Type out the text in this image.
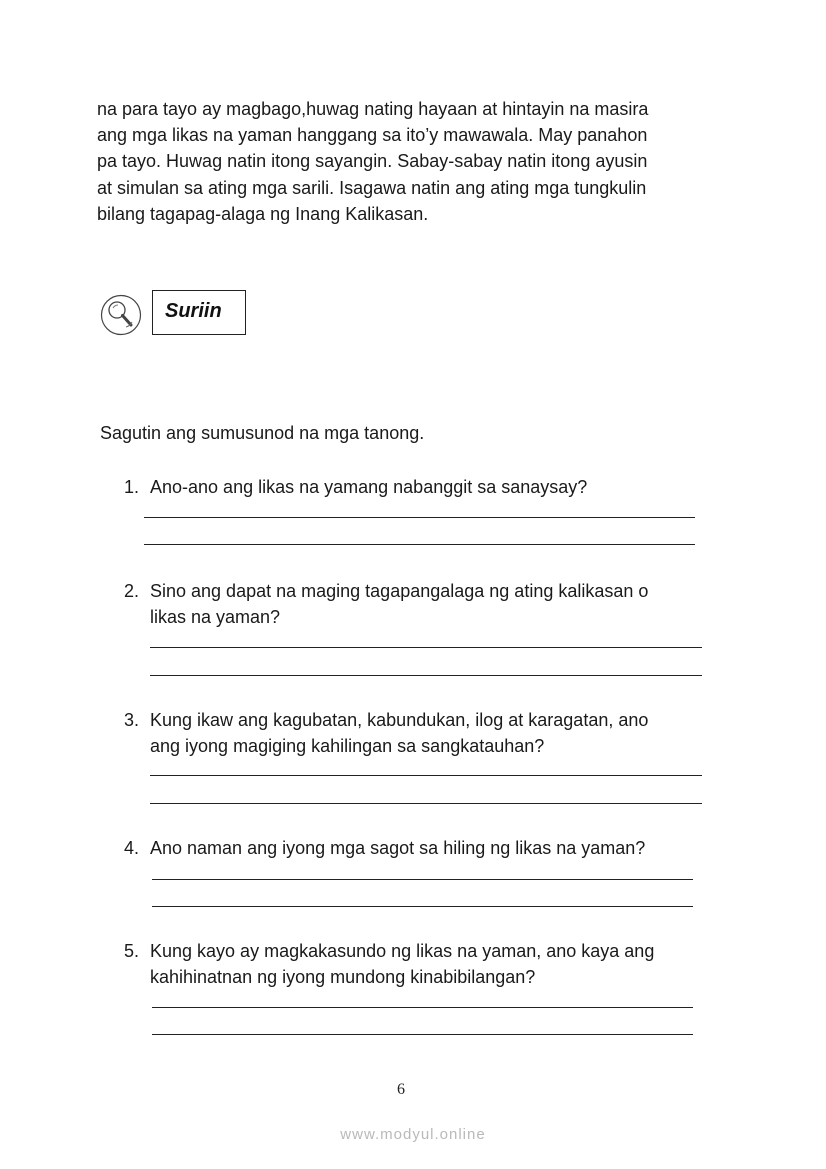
na para tayo ay magbago,huwag nating hayaan at hintayin na masira
ang mga likas na yaman hanggang sa ito’y mawawala. May panahon
pa tayo. Huwag natin itong sayangin. Sabay-sabay natin itong ayusin
at simulan sa ating mga sarili. Isagawa natin ang ating mga tungkulin
bilang tagapag-alaga ng Inang Kalikasan.

Suriin
Sagutin ang sumusunod na mga tanong.
1. Ano-ano ang likas na yamang nabanggit sa sanaysay?
2. Sino ang dapat na maging tagapangalaga ng ating kalikasan o
likas na yaman?
3. Kung ikaw ang kagubatan, kabundukan, ilog at karagatan, ano
ang iyong magiging kahilingan sa sangkatauhan?
4. Ano naman ang iyong mga sagot sa hiling ng likas na yaman?
5. Kung kayo ay magkakasundo ng likas na yaman, ano kaya ang
kahihinatnan ng iyong mundong kinabibilangan?
6
www.modyul.online
